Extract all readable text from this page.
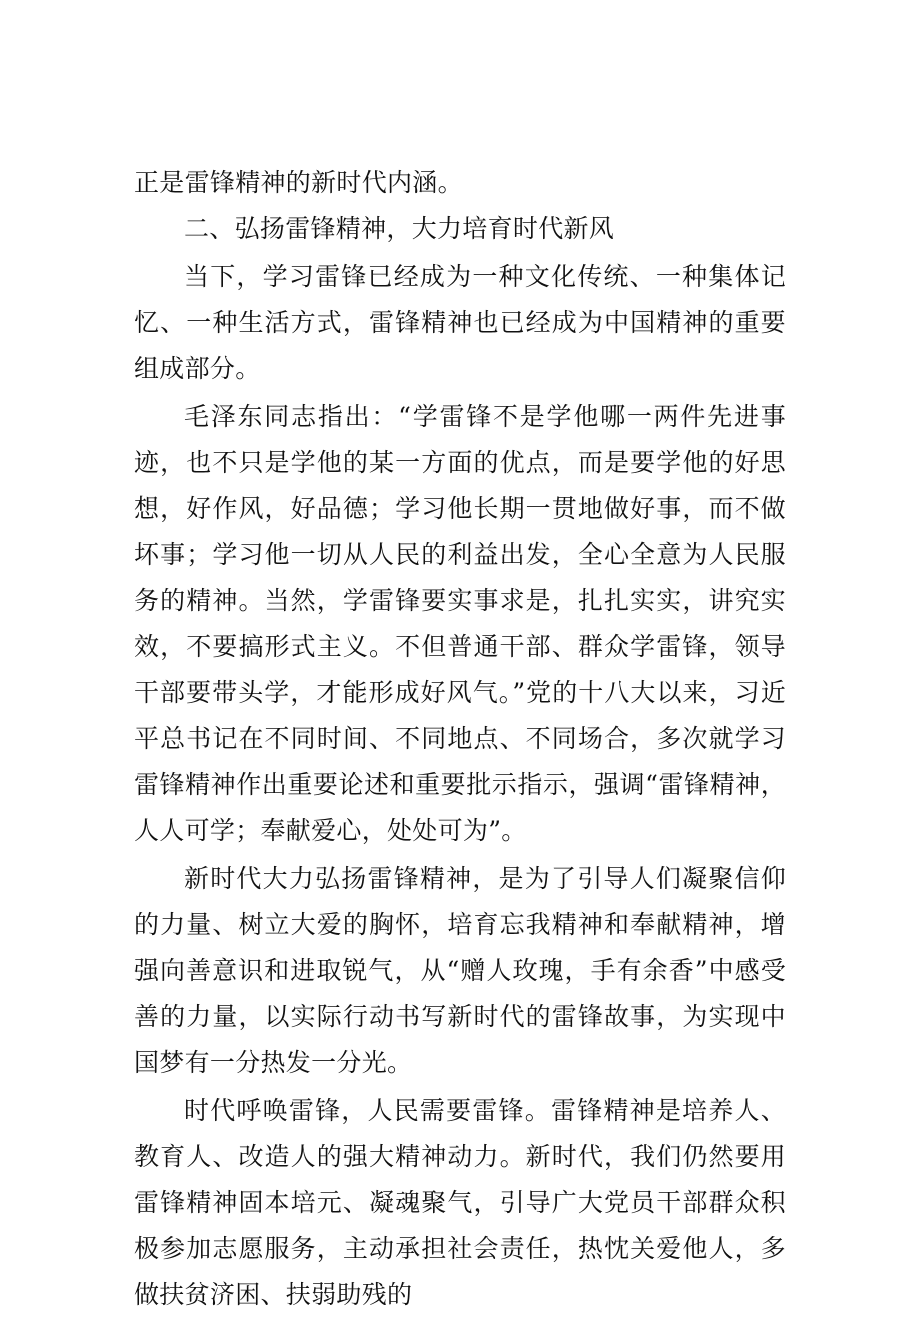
正是雷锋精神的新时代内涵。

二、弘扬雷锋精神，大力培育时代新风

当下，学习雷锋已经成为一种文化传统、一种集体记忆、一种生活方式，雷锋精神也已经成为中国精神的重要组成部分。

毛泽东同志指出：“学雷锋不是学他哪一两件先进事迹，也不只是学他的某一方面的优点，而是要学他的好思想，好作风，好品德；学习他长期一贯地做好事，而不做坏事；学习他一切从人民的利益出发，全心全意为人民服务的精神。当然，学雷锋要实事求是，扎扎实实，讲究实效，不要搞形式主义。不但普通干部、群众学雷锋，领导干部要带头学，才能形成好风气。”党的十八大以来，习近平总书记在不同时间、不同地点、不同场合，多次就学习雷锋精神作出重要论述和重要批示指示，强调“雷锋精神，人人可学；奉献爱心，处处可为”。

新时代大力弘扬雷锋精神，是为了引导人们凝聚信仰的力量、树立大爱的胸怀，培育忘我精神和奉献精神，增强向善意识和进取锐气，从“赠人玫瑰，手有余香”中感受善的力量，以实际行动书写新时代的雷锋故事，为实现中国梦有一分热发一分光。

时代呼唤雷锋，人民需要雷锋。雷锋精神是培养人、教育人、改造人的强大精神动力。新时代，我们仍然要用雷锋精神固本培元、凝魂聚气，引导广大党员干部群众积极参加志愿服务，主动承担社会责任，热忱关爱他人，多做扶贫济困、扶弱助残的
